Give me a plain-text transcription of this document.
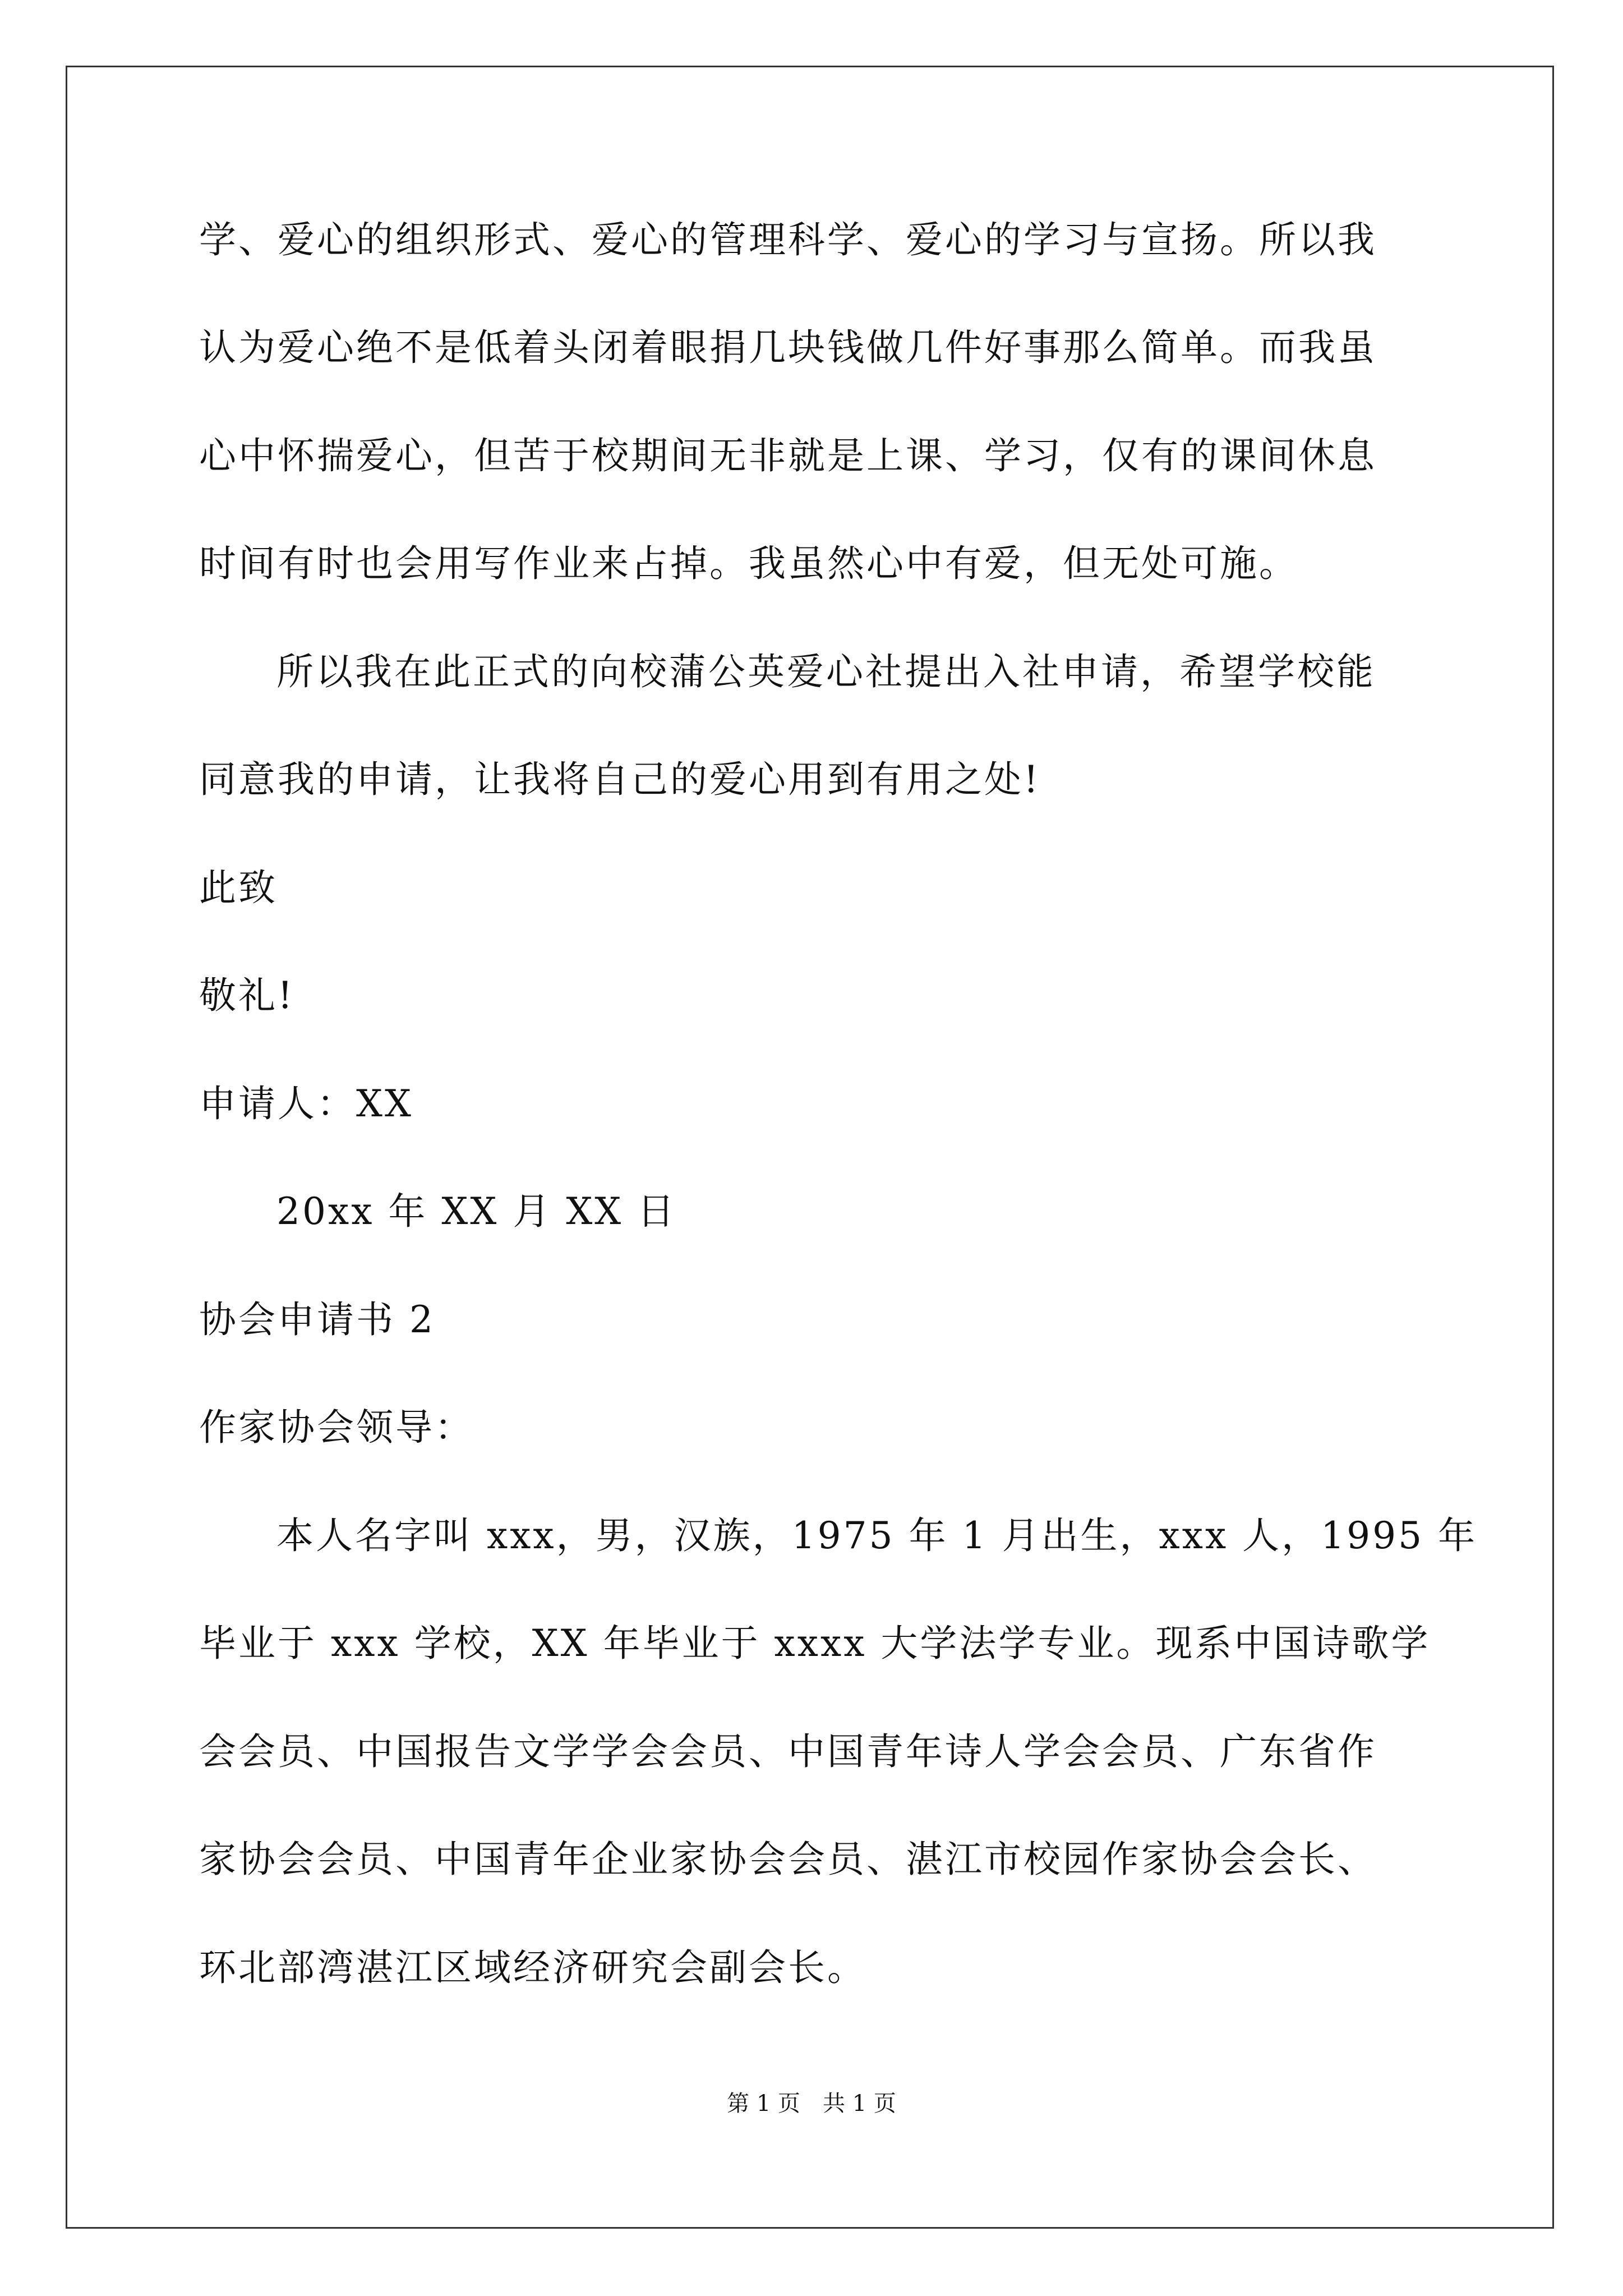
学、爱心的组织形式、爱心的管理科学、爱心的学习与宣扬。所以我
认为爱心绝不是低着头闭着眼捐几块钱做几件好事那么简单。而我虽
心中怀揣爱心，但苦于校期间无非就是上课、学习，仅有的课间休息
时间有时也会用写作业来占掉。我虽然心中有爱，但无处可施。
所以我在此正式的向校蒲公英爱心社提出入社申请，希望学校能
同意我的申请，让我将自己的爱心用到有用之处!
此致
敬礼!
申请人：XX
20xx 年 XX 月 XX 日
协会申请书 2
作家协会领导：
本人名字叫 xxx，男，汉族，1975 年 1 月出生，xxx 人，1995 年
毕业于 xxx 学校，XX 年毕业于 xxxx 大学法学专业。现系中国诗歌学
会会员、中国报告文学学会会员、中国青年诗人学会会员、广东省作
家协会会员、中国青年企业家协会会员、湛江市校园作家协会会长、
环北部湾湛江区域经济研究会副会长。
第 1 页　共 1 页
